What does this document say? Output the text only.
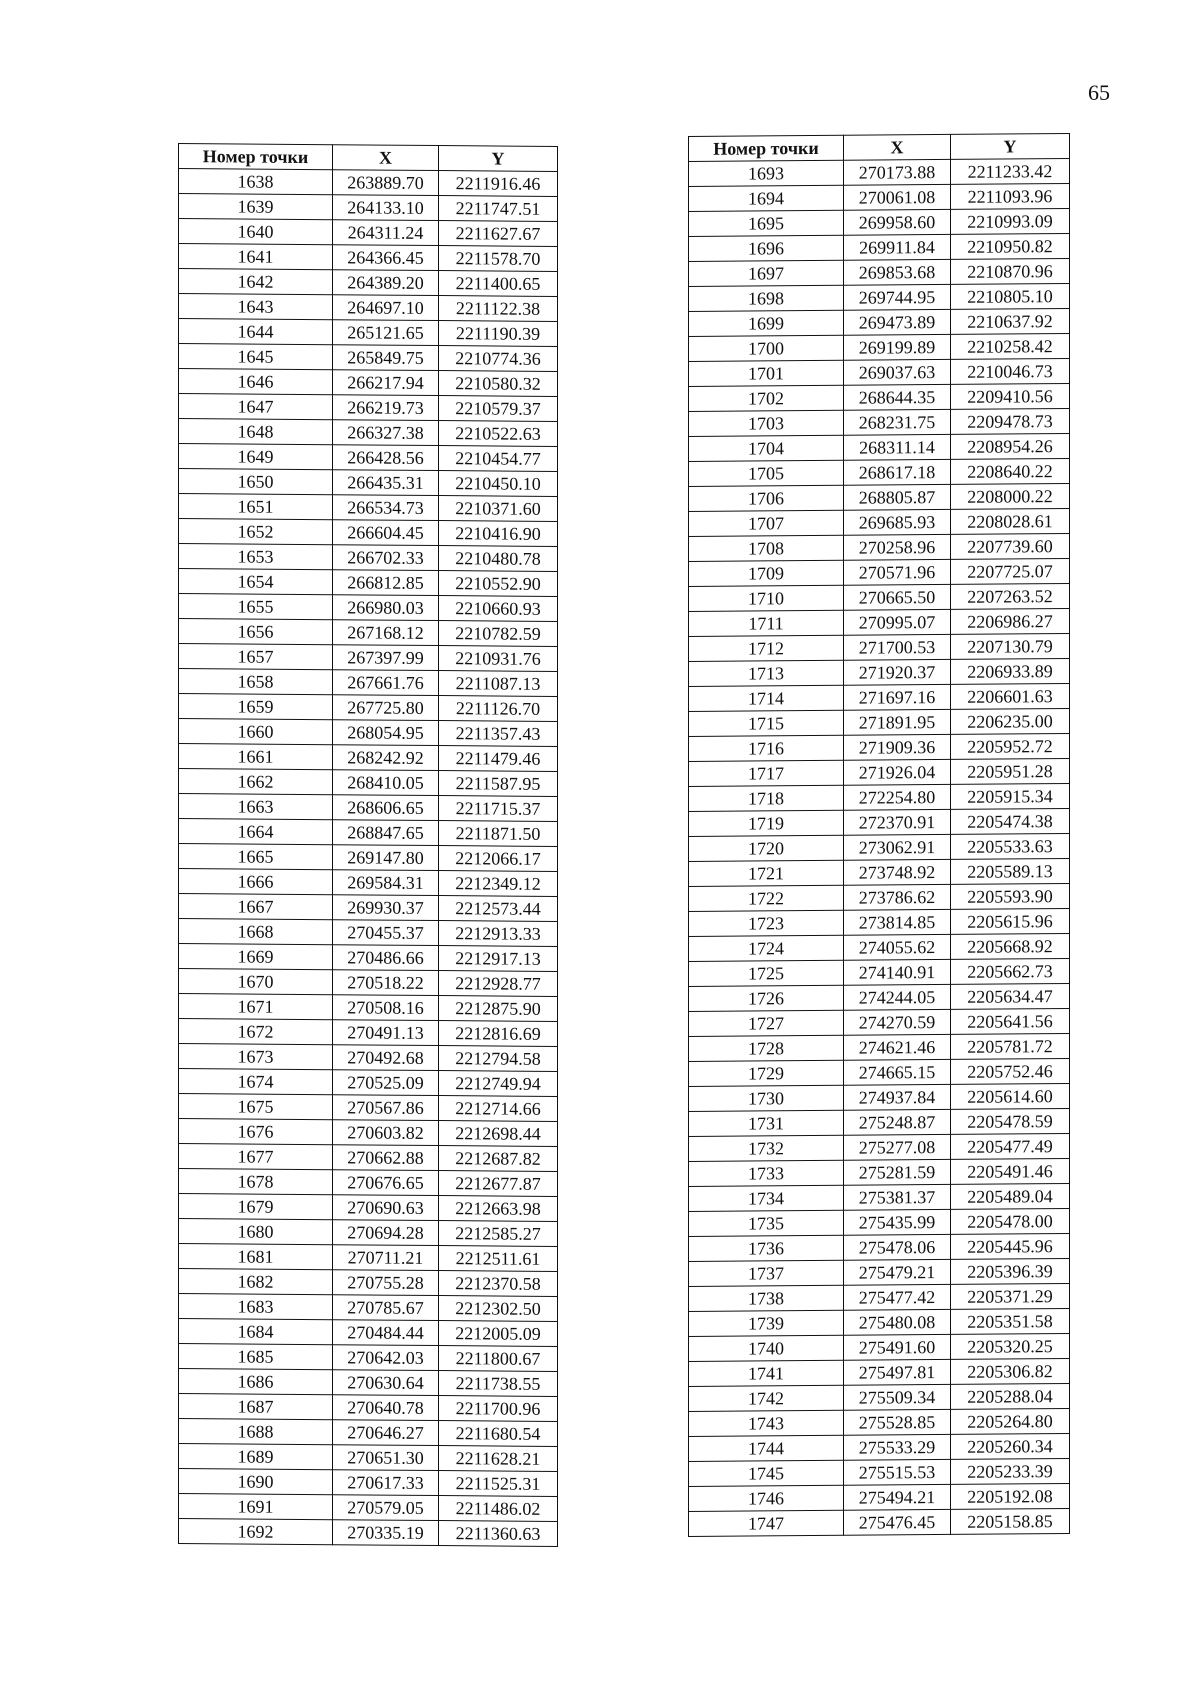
65
Номер точки	X	Y
1638	263889.70	2211916.46
1639	264133.10	2211747.51
1640	264311.24	2211627.67
1641	264366.45	2211578.70
1642	264389.20	2211400.65
1643	264697.10	2211122.38
1644	265121.65	2211190.39
1645	265849.75	2210774.36
1646	266217.94	2210580.32
1647	266219.73	2210579.37
1648	266327.38	2210522.63
1649	266428.56	2210454.77
1650	266435.31	2210450.10
1651	266534.73	2210371.60
1652	266604.45	2210416.90
1653	266702.33	2210480.78
1654	266812.85	2210552.90
1655	266980.03	2210660.93
1656	267168.12	2210782.59
1657	267397.99	2210931.76
1658	267661.76	2211087.13
1659	267725.80	2211126.70
1660	268054.95	2211357.43
1661	268242.92	2211479.46
1662	268410.05	2211587.95
1663	268606.65	2211715.37
1664	268847.65	2211871.50
1665	269147.80	2212066.17
1666	269584.31	2212349.12
1667	269930.37	2212573.44
1668	270455.37	2212913.33
1669	270486.66	2212917.13
1670	270518.22	2212928.77
1671	270508.16	2212875.90
1672	270491.13	2212816.69
1673	270492.68	2212794.58
1674	270525.09	2212749.94
1675	270567.86	2212714.66
1676	270603.82	2212698.44
1677	270662.88	2212687.82
1678	270676.65	2212677.87
1679	270690.63	2212663.98
1680	270694.28	2212585.27
1681	270711.21	2212511.61
1682	270755.28	2212370.58
1683	270785.67	2212302.50
1684	270484.44	2212005.09
1685	270642.03	2211800.67
1686	270630.64	2211738.55
1687	270640.78	2211700.96
1688	270646.27	2211680.54
1689	270651.30	2211628.21
1690	270617.33	2211525.31
1691	270579.05	2211486.02
1692	270335.19	2211360.63
Номер точки	X	Y
1693	270173.88	2211233.42
1694	270061.08	2211093.96
1695	269958.60	2210993.09
1696	269911.84	2210950.82
1697	269853.68	2210870.96
1698	269744.95	2210805.10
1699	269473.89	2210637.92
1700	269199.89	2210258.42
1701	269037.63	2210046.73
1702	268644.35	2209410.56
1703	268231.75	2209478.73
1704	268311.14	2208954.26
1705	268617.18	2208640.22
1706	268805.87	2208000.22
1707	269685.93	2208028.61
1708	270258.96	2207739.60
1709	270571.96	2207725.07
1710	270665.50	2207263.52
1711	270995.07	2206986.27
1712	271700.53	2207130.79
1713	271920.37	2206933.89
1714	271697.16	2206601.63
1715	271891.95	2206235.00
1716	271909.36	2205952.72
1717	271926.04	2205951.28
1718	272254.80	2205915.34
1719	272370.91	2205474.38
1720	273062.91	2205533.63
1721	273748.92	2205589.13
1722	273786.62	2205593.90
1723	273814.85	2205615.96
1724	274055.62	2205668.92
1725	274140.91	2205662.73
1726	274244.05	2205634.47
1727	274270.59	2205641.56
1728	274621.46	2205781.72
1729	274665.15	2205752.46
1730	274937.84	2205614.60
1731	275248.87	2205478.59
1732	275277.08	2205477.49
1733	275281.59	2205491.46
1734	275381.37	2205489.04
1735	275435.99	2205478.00
1736	275478.06	2205445.96
1737	275479.21	2205396.39
1738	275477.42	2205371.29
1739	275480.08	2205351.58
1740	275491.60	2205320.25
1741	275497.81	2205306.82
1742	275509.34	2205288.04
1743	275528.85	2205264.80
1744	275533.29	2205260.34
1745	275515.53	2205233.39
1746	275494.21	2205192.08
1747	275476.45	2205158.85
